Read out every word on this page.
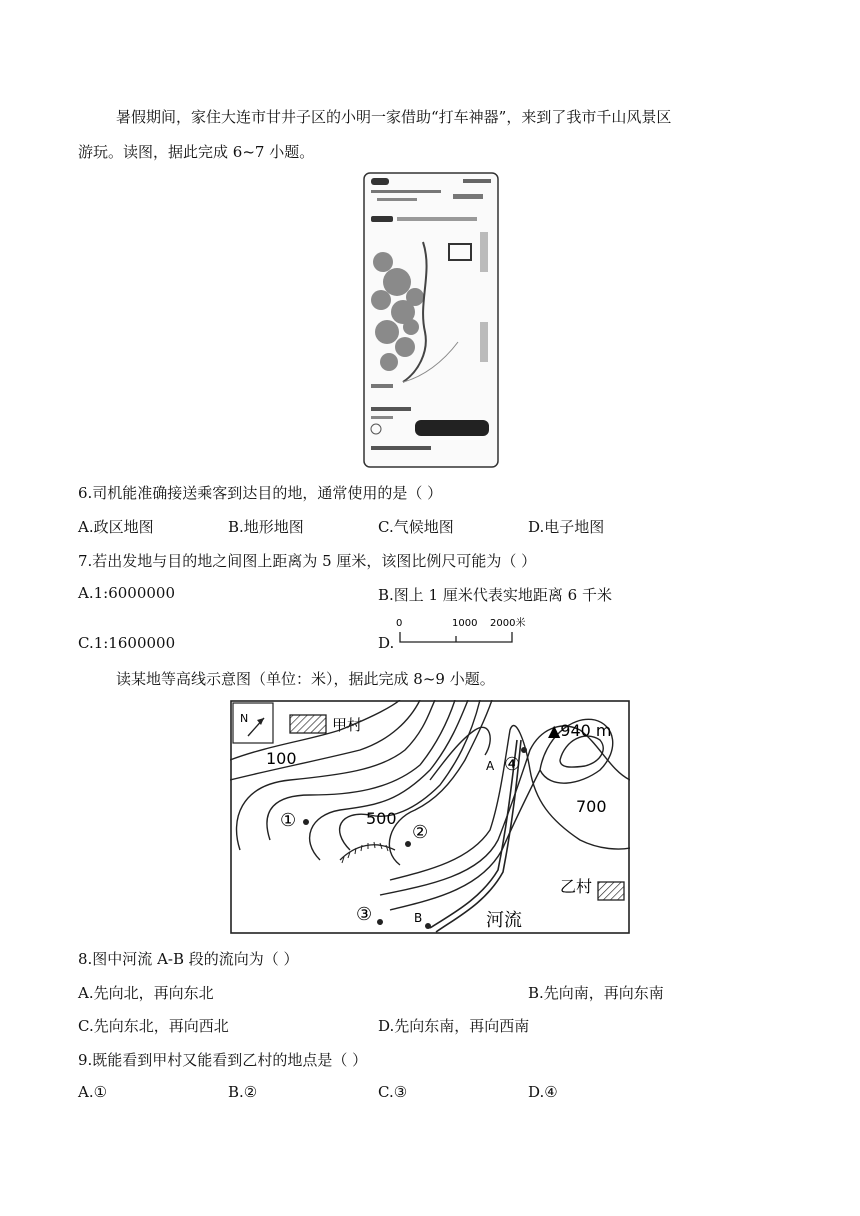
暑假期间，家住大连市甘井子区的小明一家借助“打车神器”，来到了我市千山风景区
游玩。读图，据此完成 6~7 小题。
6.司机能准确接送乘客到达目的地，通常使用的是（ ）
A.政区地图	B.地形地图	C.气候地图	D.电子地图
7.若出发地与目的地之间图上距离为 5 厘米，该图比例尺可能为（ ）
A.1:6000000	B.图上 1 厘米代表实地距离 6 千米
C.1:1600000	D.
0	1000 2000米
读某地等高线示意图（单位：米），据此完成 8~9 小题。
N	甲村
100
500
700
▲940 m
A
B	河流
乙村
①
②
③
④
8.图中河流 A-B 段的流向为（ ）
A.先向北，再向东北	B.先向南，再向东南
C.先向东北，再向西北	D.先向东南，再向西南
9.既能看到甲村又能看到乙村的地点是（ ）
A.①	B.②	C.③	D.④
